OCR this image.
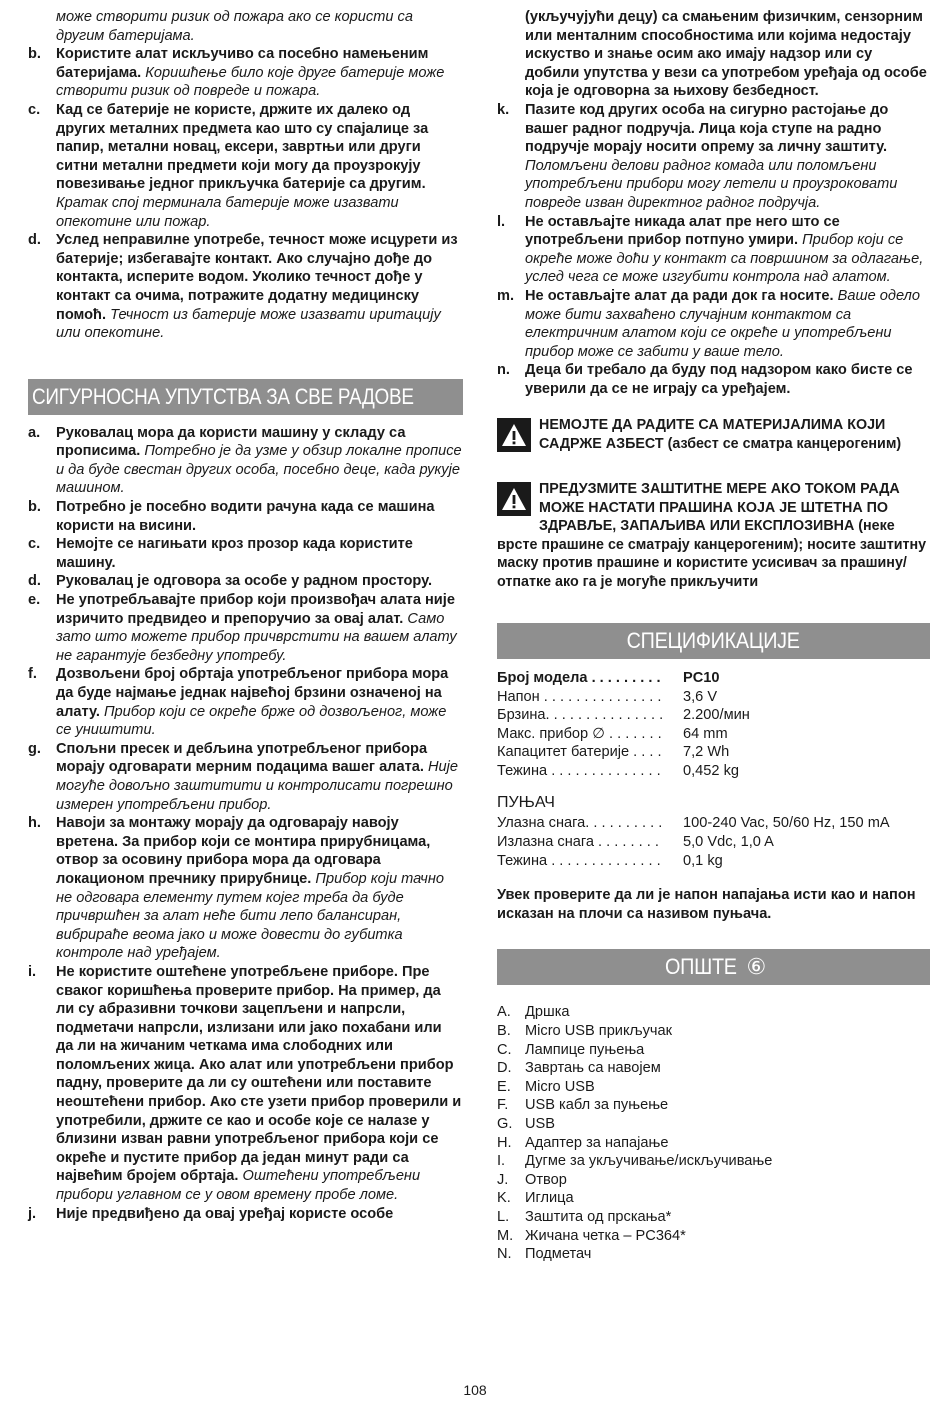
може створити ризик од пожара ако се користи са другим батеријама.
b.	Користите алат искључиво са посебно намењеним батеријама. Коришћење било које друге батерије може створити ризик од повреде и пожара.
c.	Кад се батерије не користе, држите их далеко од других металних предмета као што су спајалице за папир, метални новац, ексери, завртњи или други ситни метални предмети који могу да проузрокују повезивање једног прикључка батерије са другим. Кратак спој терминала батерије може изазвати опекотине или пожар.
d.	Услед неправилне употребе, течност може исцурети из батерије; избегавајте контакт. Ако случајно дође до контакта, исперите водом. Уколико течност дође у контакт са очима, потражите додатну медицинску помоћ. Течност из батерије може изазвати иритацију или опекотине.
СИГУРНОСНА УПУТСТВА ЗА СВЕ РАДОВЕ
a.	Руковалац мора да користи машину у складу са прописима. Потребно је да узме у обзир локалне прописе и да буде свестан других особа, посебно деце, када рукује машином.
b.	Потребно је посебно водити рачуна када се машина користи на висини.
c.	Немојте се нагињати кроз прозор када користите машину.
d.	Руковалац је одговора за особе у радном простору.
e.	Не употребљавајте прибор који произвођач алата није изричито предвидео и препоручио за овај алат. Само зато што можете прибор причврстити на вашем алату не гарантује безбедну употребу.
f.	Дозвољени број обртаја употребљеног прибора мора да буде најмање једнак највећој брзини означеној на алату. Прибор који се окреће брже од дозвољеног, може се уништити.
g.	Спољни пресек и дебљина употребљеног прибора морају одговарати мерним подацима вашег алата. Није могуће довољно заштитити и контролисати погрешно измерен употребљени прибор.
h.	Навоји за монтажу морају да одговарају навоју вретена. За прибор који се монтира прирубницама, отвор за осовину прибора мора да одговара локационом пречнику прирубнице. Прибор који тачно не одговара елементу путем којег треба да буде причвршћен за алат неће бити лепо балансиран, вибрираће веома јако и може довести до губитка контроле над уређајем.
i.	Не користите оштећене употребљене приборе. Пре сваког коришћења проверите прибор. На пример, да ли су абразивни точкови зацепљени и напрсли, подметачи напрсли, излизани или јако похабани или да ли на жичаним четкама има слободних или поломљених жица. Ако алат или употребљени прибор падну, проверите да ли су оштећени или поставите неоштећени прибор. Ако сте узети прибор проверили и употребили, држите се као и особе које се налазе у близини изван равни употребљеног прибора који се окреће и пустите прибор да један минут ради са највећим бројем обртаја. Оштећени употребљени прибори углавном се у овом времену пробе ломе.
j.	Није предвиђено да овај уређај користе особе
(укључујући децу) са смањеним физичким, сензорним или менталним способностима или којима недостају искуство и знање осим ако имају надзор или су добили упутства у вези са употребом уређаја од особе која је одговорна за њихову безбедност.
k.	Пазите код других особа на сигурно растојање до вашег радног подручја. Лица која ступе на радно подручје морају носити опрему за личну заштиту. Поломљени делови радног комада или поломљени употребљени прибори могу летели и проузроковати повреде изван директног радног подручја.
l.	Не остављајте никада алат пре него што се употребљени прибор потпуно умири. Прибор који се окреће може доћи у контакт са површином за одлагање, услед чега се може изгубити контрола над алатом.
m. Не остављајте алат да ради док га носите. Ваше одело може бити захваћено случајним контактом са електричним алатом који се окреће и употребљени прибор може се забити у ваше тело.
n.	Деца би требало да буду под надзором како бисте се уверили да се не играју са уређајем.
НЕМОЈТЕ ДА РАДИТЕ СА МАТЕРИЈАЛИМА КОЈИ САДРЖЕ АЗБЕСТ (азбест се сматра канцерогеним)
ПРЕДУЗМИТЕ ЗАШТИТНЕ МЕРЕ АКО ТОКОМ РАДА МОЖЕ НАСТАТИ ПРАШИНА КОЈА ЈЕ ШТЕТНА ПО ЗДРАВЉЕ, ЗАПАЉИВА ИЛИ ЕКСПЛОЗИВНА (неке врсте прашине се сматрају канцерогеним); носите заштитну маску против прашине и користите усисивач за прашину/отпатке ако га је могуће прикључити
СПЕЦИФИКАЦИЈЕ
Број модела . . . . . . . . .	PC10
Напон . . . . . . . . . . . . . . .	3,6 V
Брзина. . . . . . . . . . . . . . .	2.200/мин
Макс. прибор ∅ . . . . . . .	64 mm
Капацитет батерије . . . .	7,2 Wh
Тежина . . . . . . . . . . . . . .	0,452 kg
ПУЊАЧ
Улазна снага. . . . . . . . . .	100-240 Vac, 50/60 Hz, 150 mA
Излазна снага . . . . . . . .	5,0 Vdc, 1,0 A
Тежина . . . . . . . . . . . . . .	0,1 kg
Увек проверите да ли је напон напајања исти као и напон исказан на плочи са називом пуњача.
ОПШТЕ ⑥
A. Дршка
B. Micro USB прикључак
C. Лампице пуњења
D. Завртањ са навојем
E. Micro USB
F.	USB кабл за пуњење
G. USB
H. Адаптер за напајање
I.	Дугме за укључивање/искључивање
J.	Отвор
K. Иглица
L.	Заштита од прскања*
M. Жичана четка – PC364*
N. Подметач
108
